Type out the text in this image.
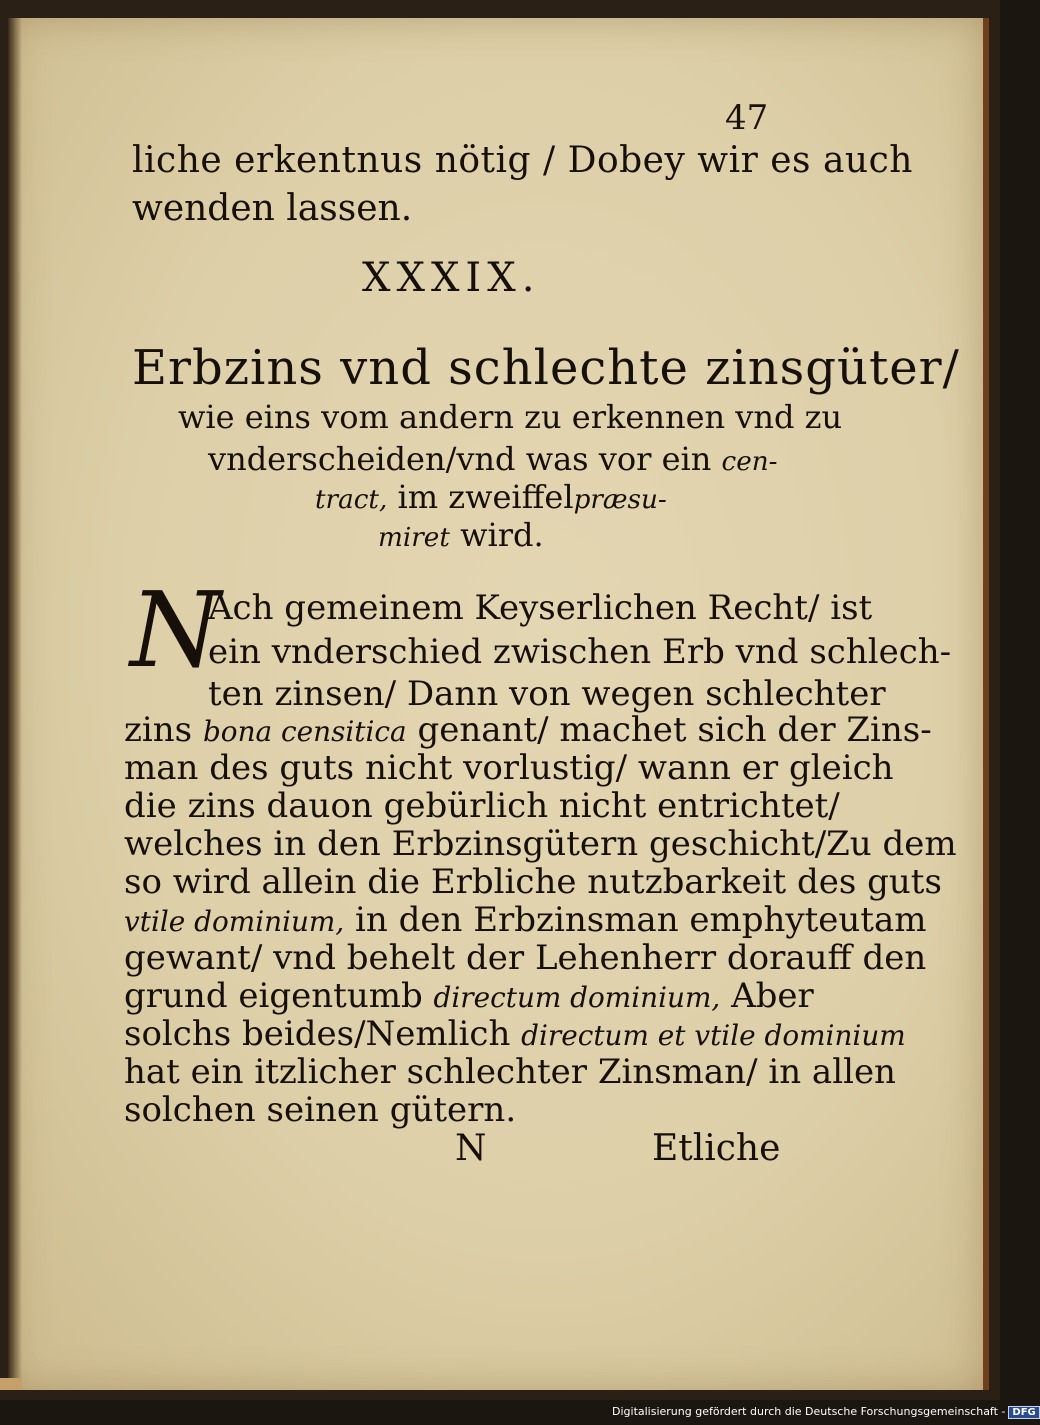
47
liche erkentnus nötig / Dobey wir es auch
wenden lassen.
XXXIX.
Erbzins vnd schlechte zinsgüter/
wie eins vom andern zu erkennen vnd zu
vnderscheiden/vnd was vor ein cen-
tract, im zweiffelpræsu-
miret wird.
N
Ach gemeinem Keyserlichen Recht/ ist
ein vnderschied zwischen Erb vnd schlech-
ten zinsen/ Dann von wegen schlechter
zins bona censitica genant/ machet sich der Zins-
man des guts nicht vorlustig/ wann er gleich
die zins dauon gebürlich nicht entrichtet/
welches in den Erbzinsgütern geschicht/Zu dem
so wird allein die Erbliche nutzbarkeit des guts
vtile dominium, in den Erbzinsman emphyteutam
gewant/ vnd behelt der Lehenherr dorauff den
grund eigentumb directum dominium, Aber
solchs beides/Nemlich directum et vtile dominium
hat ein itzlicher schlechter Zinsman/ in allen
solchen seinen gütern.
N	Etliche
Digitalisierung gefördert durch die Deutsche Forschungsgemeinschaft - DFG
